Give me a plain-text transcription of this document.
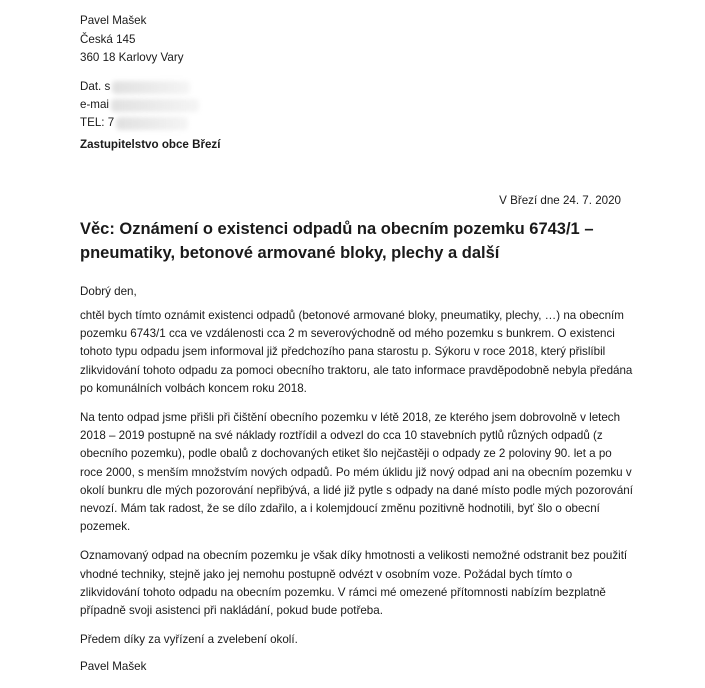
Pavel Mašek
Česká 145
360 18 Karlovy Vary
Dat. s
e-mai
TEL: 7
Zastupitelstvo obce Březí
V Březí dne 24. 7. 2020
Věc: Oznámení o existenci odpadů na obecním pozemku 6743/1 – pneumatiky, betonové armované bloky, plechy a další
Dobrý den,

chtěl bych tímto oznámit existenci odpadů (betonové armované bloky, pneumatiky, plechy, …) na obecním pozemku 6743/1 cca ve vzdálenosti cca 2 m severovýchodně od mého pozemku s bunkrem. O existenci tohoto typu odpadu jsem informoval již předchozího pana starostu p. Sýkoru v roce 2018, který přislíbil zlikvidování tohoto odpadu za pomoci obecního traktoru, ale tato informace pravděpodobně nebyla předána po komunálních volbách koncem roku 2018.

Na tento odpad jsme přišli při čištění obecního pozemku v létě 2018, ze kterého jsem dobrovolně v letech 2018 – 2019 postupně na své náklady roztřídil a odvezl do cca 10 stavebních pytlů různých odpadů (z obecního pozemku), podle obalů z dochovaných etiket šlo nejčastěji o odpady ze 2 poloviny 90. let a po roce 2000, s menším množstvím nových odpadů. Po mém úklidu již nový odpad ani na obecním pozemku v okolí bunkru dle mých pozorování nepřibývá, a lidé již pytle s odpady na dané místo podle mých pozorování nevozí. Mám tak radost, že se dílo zdařilo, a i kolemjdoucí změnu pozitivně hodnotili, byť šlo o obecní pozemek.

Oznamovaný odpad na obecním pozemku je však díky hmotnosti a velikosti nemožné odstranit bez použití vhodné techniky, stejně jako jej nemohu postupně odvézt v osobním voze. Požádal bych tímto o zlikvidování tohoto odpadu na obecním pozemku. V rámci mé omezené přítomnosti nabízím bezplatně případně svoji asistenci při nakládání, pokud bude potřeba.

Předem díky za vyřízení a zvelebení okolí.

Pavel Mašek
